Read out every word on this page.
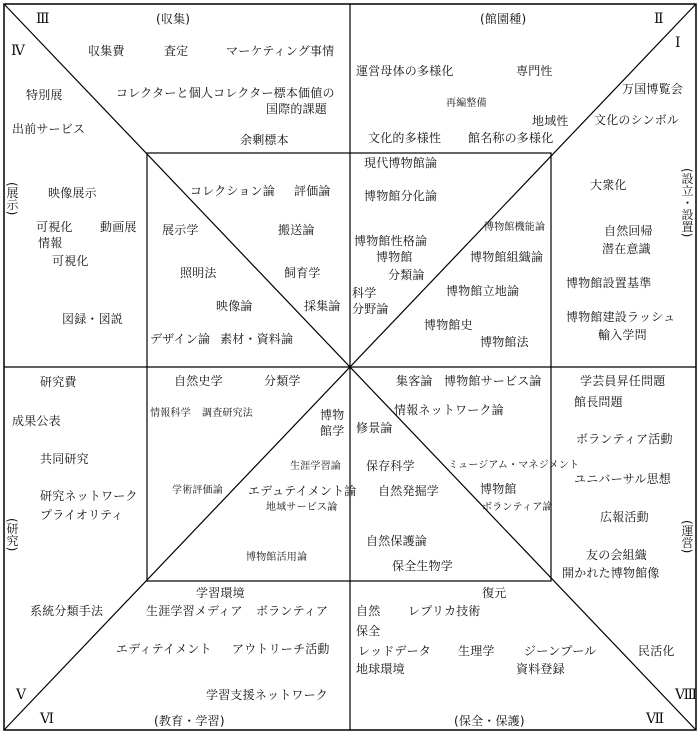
Ⅲ	Ⅱ
Ⅰ
Ⅳ
Ⅴ
Ⅵ	Ⅶ
Ⅷ
(収集)	(館園種)
(教育・学習)	(保全・保護)
(展示)
(研究)
(設立・設置)
(運営)
収集費	査定	マーケティング事情
コレクターと個人コレクター標本価値の
国際的課題
余剰標本
特別展
出前サービス
映像展示
可視化 動画展
情報
可視化
図録・図説
コレクション論 評価論
展示学	搬送論
照明法	飼育学
映像論	採集論
デザイン論 素材・資料論
運営母体の多様化	専門性
再編整備
地域性
文化的多様性 館名称の多様化
現代博物館論
博物館分化論
博物館性格論
博物館機能論
博物館	博物館組織論
分類論
科学	博物館立地論
分野論
博物館史
博物館法
万国博覧会
文化のシンボル
大衆化
自然回帰
潜在意識
博物館設置基準
博物館建設ラッシュ
輸入学問
学芸員昇任問題
館長問題
ボランティア活動
ユニバーサル思想
広報活動
友の会組織
開かれた博物館像
集客論 博物館サービス論
情報ネットワーク論
修景論
保存科学	ミュージアム・マネジメント
自然発掘学	博物館
ボランティア論
自然保護論
保全生物学
復元
自然 レプリカ技術
保全
レッドデータ 生理学 ジーンプール	民活化
地球環境	資料登録
自然史学	分類学
情報科学 調査研究法	博物
館学
生涯学習論
学術評価論 エデュテイメント論
地域サービス論
博物館活用論
研究費
成果公表
共同研究
研究ネットワーク
プライオリティ
系統分類手法
学習環境
生涯学習メディア ボランティア
エディテイメント アウトリーチ活動
学習支援ネットワーク
